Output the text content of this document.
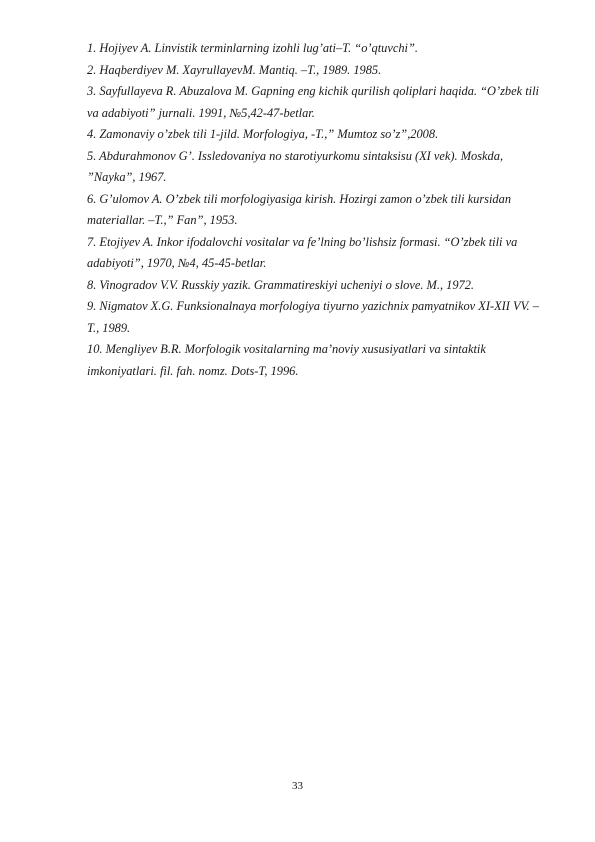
1. Hojiyev A. Linvistik terminlarning izohli lug’ati–T. “o’qtuvchi”.

2. Haqberdiyev M. XayrullayevM. Mantiq. –T., 1989. 1985.

3. Sayfullayeva R. Abuzalova M. Gapning eng kichik qurilish qoliplari haqida. “O’zbek tili va adabiyoti” jurnali. 1991, №5,42-47-betlar.

4. Zamonaviy o’zbek tili 1-jild. Morfologiya, -T.,” Mumtoz so’z”,2008.

5. Abdurahmonov G’. Issledovaniya no starotiyurkomu sintaksisu (XI vek). Moskda, ”Nayka”, 1967.

6. G’ulomov A. O’zbek tili morfologiyasiga kirish. Hozirgi zamon o’zbek tili kursidan materiallar. –T.,” Fan”, 1953.

7. Etojiyev A. Inkor ifodalovchi vositalar va fe’lning bo’lishsiz formasi. “O’zbek tili va adabiyoti”, 1970, №4, 45-45-betlar.

8. Vinogradov V.V. Russkiy yazik. Grammatireskiyi ucheniyi o slove. M., 1972.

9. Nigmatov X.G. Funksionalnaya morfologiya tiyurno yazichnix pamyatnikov XI-XII VV. –T., 1989.

10. Mengliyev B.R. Morfologik vositalarning ma’noviy xususiyatlari va sintaktik imkoniyatlari. fil. fah. nomz. Dots-T, 1996.

33
